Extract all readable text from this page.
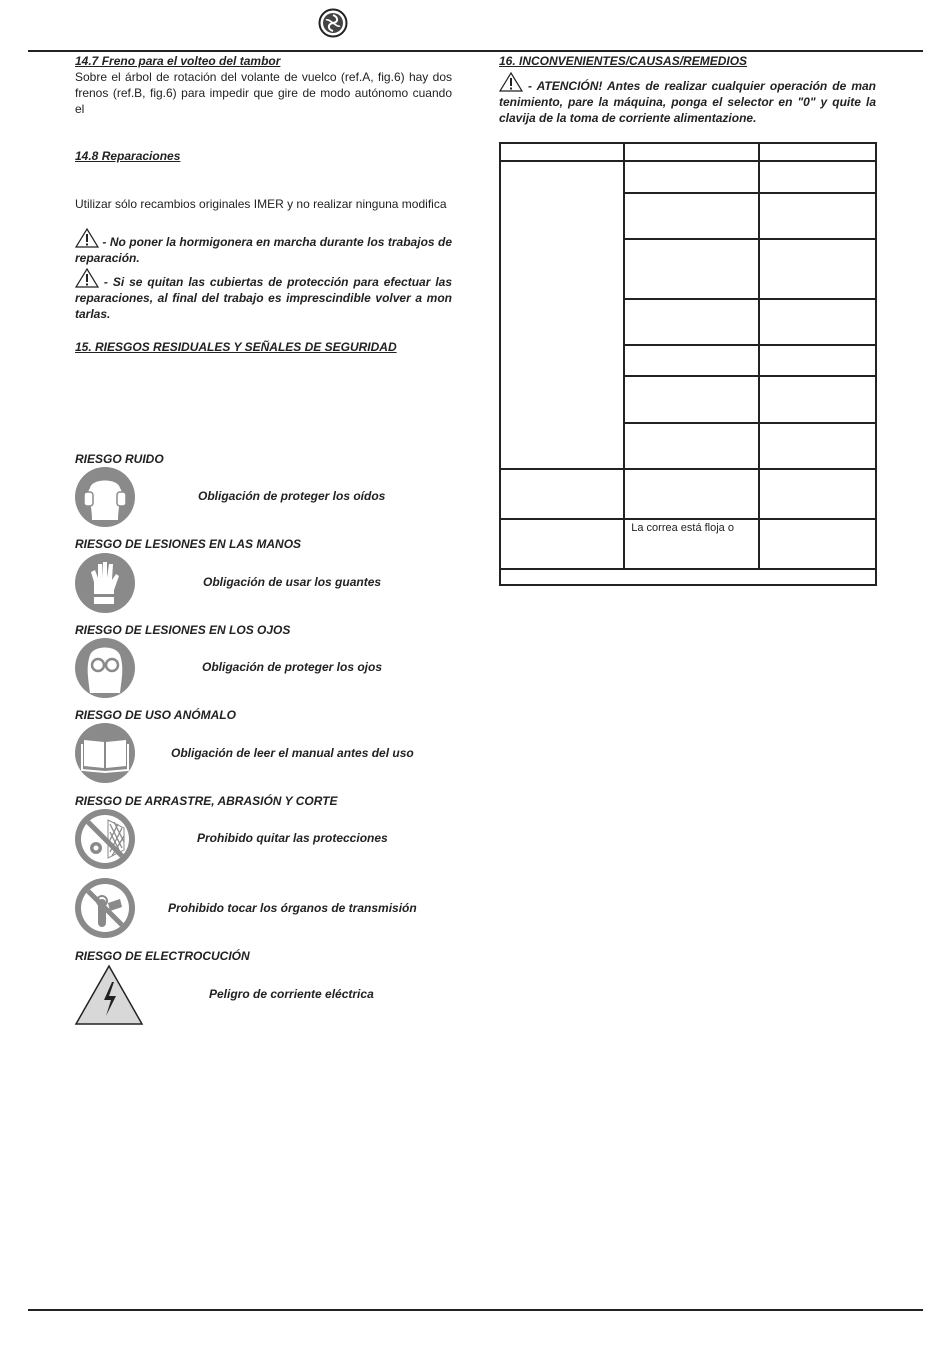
14.7 Freno para el volteo del tambor
Sobre el árbol de rotación del volante de vuelco (ref.A, fig.6) hay dos frenos (ref.B, fig.6) para impedir que gire de modo autónomo cuando el
14.8 Reparaciones
Utilizar sólo recambios originales IMER y no realizar ninguna modifica
- No poner la hormigonera en marcha durante los trabajos de reparación.
- Si se quitan las cubiertas de protección para efectuar las reparaciones, al final del trabajo es imprescindible volver a mon tarlas.
15. RIESGOS RESIDUALES Y SEÑALES DE SEGURIDAD
RIESGO RUIDO
Obligación de proteger los oídos
RIESGO DE LESIONES EN LAS MANOS
Obligación de usar los guantes
RIESGO DE LESIONES EN LOS OJOS
Obligación de proteger los ojos
RIESGO DE USO ANÓMALO
Obligación de leer el manual antes del uso
RIESGO DE ARRASTRE, ABRASIÓN Y CORTE
Prohibido quitar las protecciones
Prohibido tocar los órganos de transmisión
RIESGO DE ELECTROCUCIÓN
Peligro de corriente eléctrica
16. INCONVENIENTES/CAUSAS/REMEDIOS
- ATENCIÓN! Antes de realizar cualquier operación de man tenimiento, pare la máquina, ponga el selector en "0" y quite la clavija de la toma de corriente alimentazione.

	La correa está floja o	
